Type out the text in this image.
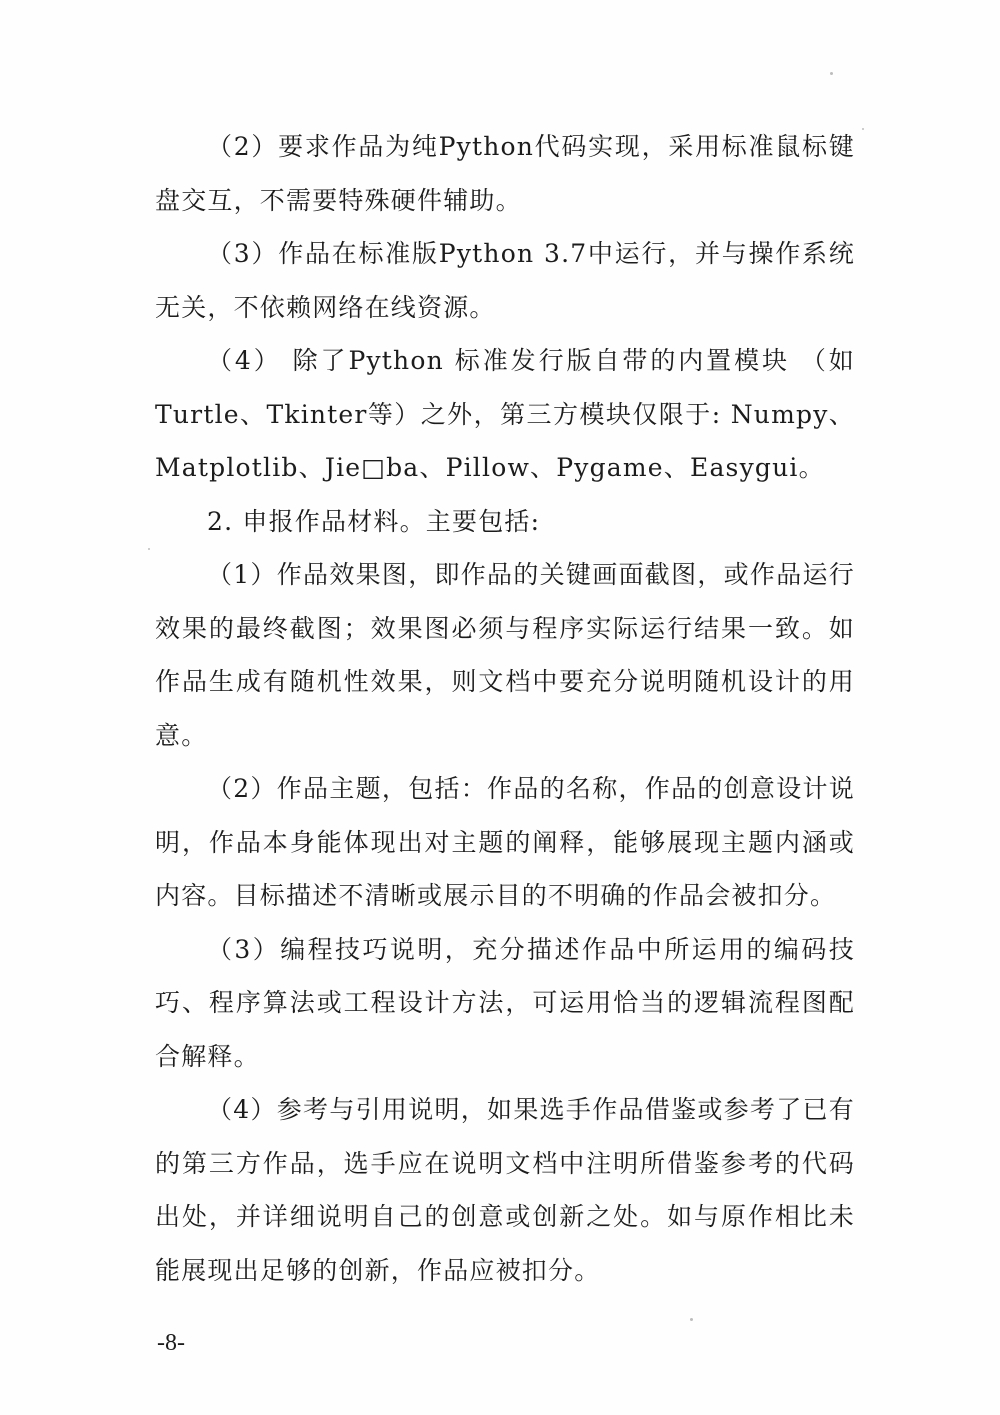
（2）要求作品为纯Python代码实现，采用标准鼠标键盘交互，不需要特殊硬件辅助。

（3）作品在标准版Python 3.7中运行，并与操作系统无关，不依赖网络在线资源。

（4） 除了Python 标准发行版自带的内置模块 （如Turtle、Tkinter等）之外，第三方模块仅限于: Numpy、Matplotlib、Jie□ba、Pillow、Pygame、Easygui。

2. 申报作品材料。主要包括:

（1）作品效果图，即作品的关键画面截图，或作品运行效果的最终截图；效果图必须与程序实际运行结果一致。如作品生成有随机性效果，则文档中要充分说明随机设计的用意。

（2）作品主题，包括：作品的名称，作品的创意设计说明，作品本身能体现出对主题的阐释，能够展现主题内涵或内容。目标描述不清晰或展示目的不明确的作品会被扣分。

（3）编程技巧说明，充分描述作品中所运用的编码技巧、程序算法或工程设计方法，可运用恰当的逻辑流程图配合解释。

（4）参考与引用说明，如果选手作品借鉴或参考了已有的第三方作品，选手应在说明文档中注明所借鉴参考的代码出处，并详细说明自己的创意或创新之处。如与原作相比未能展现出足够的创新，作品应被扣分。

-8-
